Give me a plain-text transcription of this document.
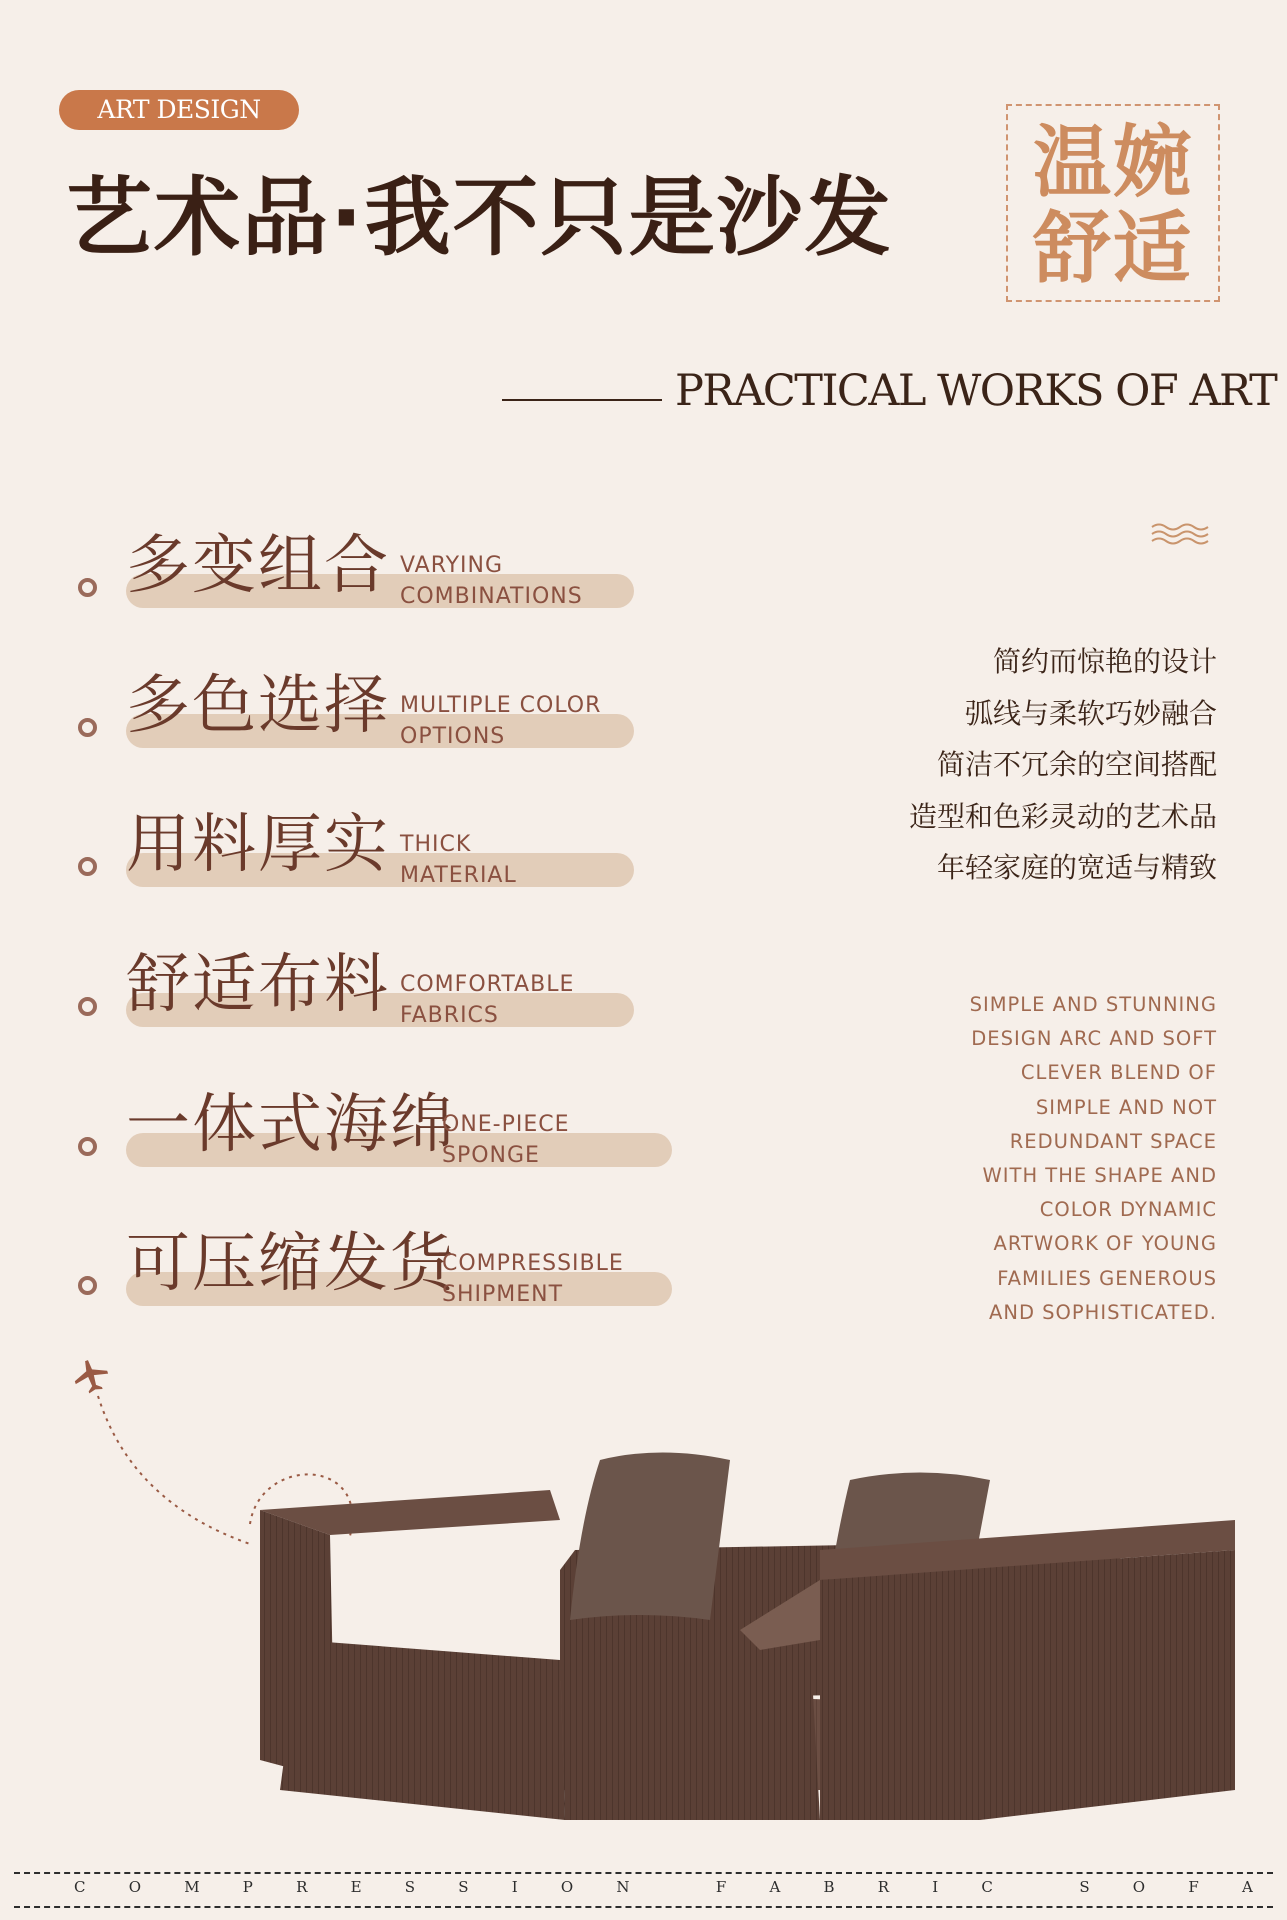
ART DESIGN
艺术品·我不只是沙发
温婉
舒适
PRACTICAL WORKS OF ART
多变组合 VARYING
COMBINATIONS
多色选择 MULTIPLE COLOR
OPTIONS
用料厚实 THICK
MATERIAL
舒适布料 COMFORTABLE
FABRICS
一体式海绵
ONE-PIECE
SPONGE
可压缩发货
COMPRESSIBLE
SHIPMENT
简约而惊艳的设计
弧线与柔软巧妙融合
简洁不冗余的空间搭配
造型和色彩灵动的艺术品
年轻家庭的宽适与精致
SIMPLE AND STUNNING
DESIGN ARC AND SOFT
CLEVER BLEND OF
SIMPLE AND NOT
REDUNDANT SPACE
WITH THE SHAPE AND
COLOR DYNAMIC
ARTWORK OF YOUNG
FAMILIES GENEROUS
AND SOPHISTICATED.
C	O	M	P	R	E	S	S	I	O	N	F	A	B	R	I	C	S	O	F	A
